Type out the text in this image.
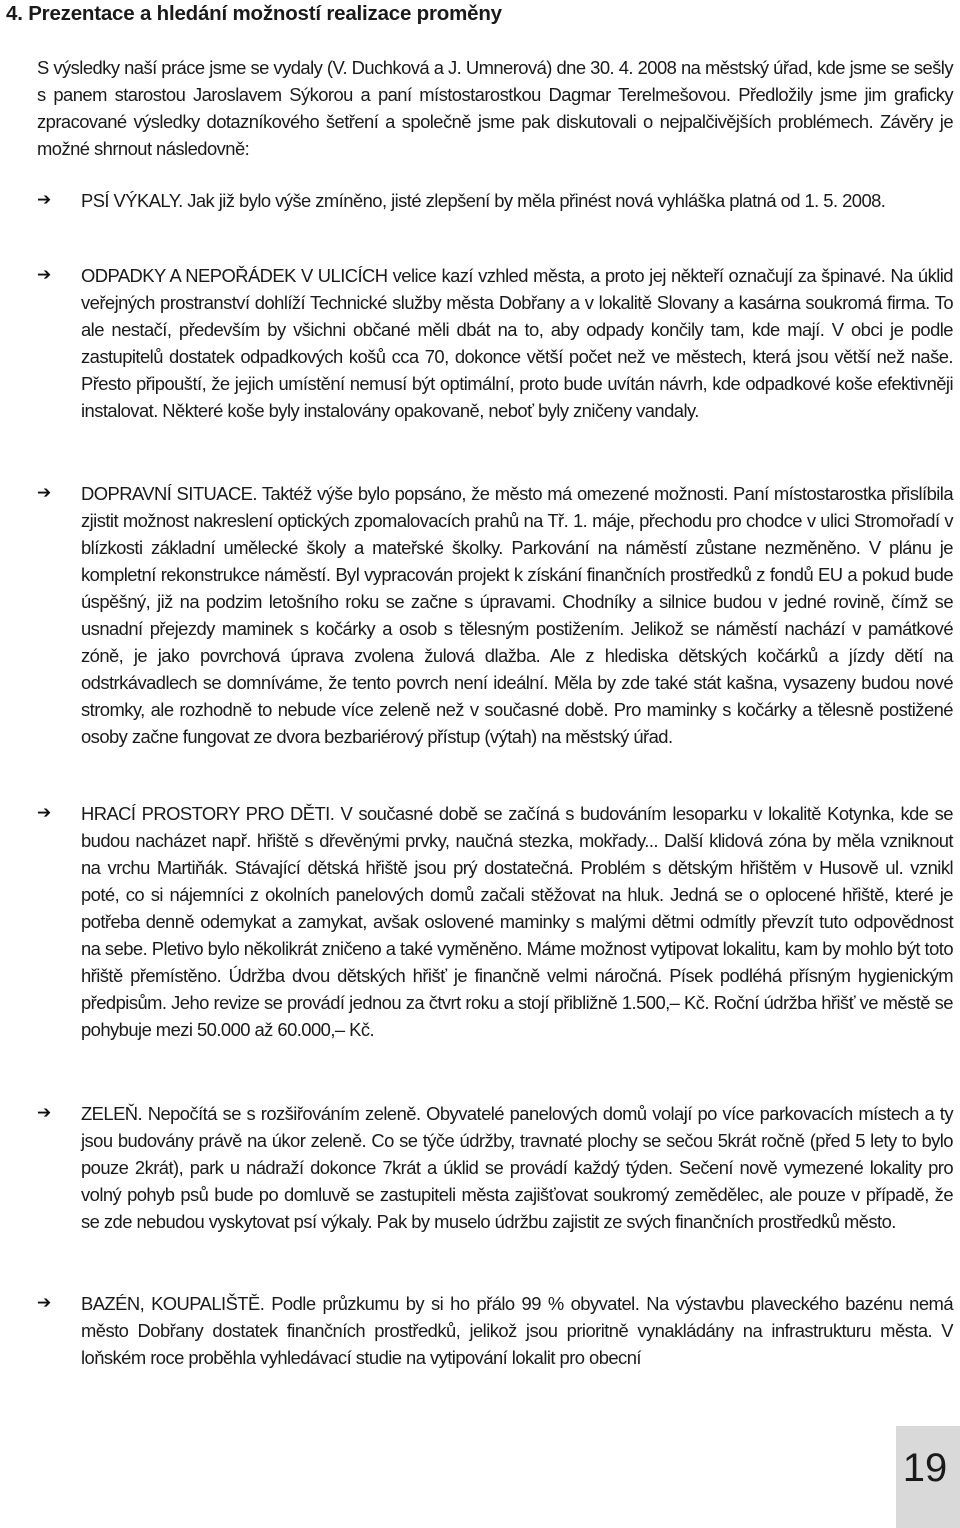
4. Prezentace a hledání možností realizace proměny

S výsledky naší práce jsme se vydaly (V. Duchková a J. Umnerová) dne 30. 4. 2008 na městský úřad, kde jsme se sešly s panem starostou Jaroslavem Sýkorou a paní místostarostkou Dagmar Terelmešovou. Předložily jsme jim graficky zpracované výsledky dotazníkového šetření a společně jsme pak diskutovali o nejpalčivějších problémech. Závěry je možné shrnout následovně:

➔	PSÍ VÝKALY. Jak již bylo výše zmíněno, jisté zlepšení by měla přinést nová vyhláška platná od 1. 5. 2008.

➔	ODPADKY A NEPOŘÁDEK V ULICÍCH velice kazí vzhled města, a proto jej někteří označují za špinavé. Na úklid veřejných prostranství dohlíží Technické služby města Dobřany a v lokalitě Slovany a kasárna soukromá firma. To ale nestačí, především by všichni občané měli dbát na to, aby odpady končily tam, kde mají. V obci je podle zastupitelů dostatek odpadkových košů cca 70, dokonce větší počet než ve městech, která jsou větší než naše. Přesto připouští, že jejich umístění nemusí být optimální, proto bude uvítán návrh, kde odpadkové koše efektivněji instalovat. Některé koše byly instalovány opakovaně, neboť byly zničeny vandaly.

➔	DOPRAVNÍ SITUACE. Taktéž výše bylo popsáno, že město má omezené možnosti. Paní místostarostka přislíbila zjistit možnost nakreslení optických zpomalovacích prahů na Tř. 1. máje, přechodu pro chodce v ulici Stromořadí v blízkosti základní umělecké školy a mateřské školky. Parkování na náměstí zůstane nezměněno. V plánu je kompletní rekonstrukce náměstí. Byl vypracován projekt k získání finančních prostředků z fondů EU a pokud bude úspěšný, již na podzim letošního roku se začne s úpravami. Chodníky a silnice budou v jedné rovině, čímž se usnadní přejezdy maminek s kočárky a osob s tělesným postižením. Jelikož se náměstí nachází v památkové zóně, je jako povrchová úprava zvolena žulová dlažba. Ale z hlediska dětských kočárků a jízdy dětí na odstrkávadlech se domníváme, že tento povrch není ideální. Měla by zde také stát kašna, vysazeny budou nové stromky, ale rozhodně to nebude více zeleně než v současné době. Pro maminky s kočárky a tělesně postižené osoby začne fungovat ze dvora bezbariérový přístup (výtah) na městský úřad.

➔	HRACÍ PROSTORY PRO DĚTI. V současné době se začíná s budováním lesoparku v lokalitě Kotynka, kde se budou nacházet např. hřiště s dřevěnými prvky, naučná stezka, mokřady... Další klidová zóna by měla vzniknout na vrchu Martiňák. Stávající dětská hřiště jsou prý dostatečná. Problém s dětským hřištěm v Husově ul. vznikl poté, co si nájemníci z okolních panelových domů začali stěžovat na hluk. Jedná se o oplocené hřiště, které je potřeba denně odemykat a zamykat, avšak oslovené maminky s malými dětmi odmítly převzít tuto odpovědnost na sebe. Pletivo bylo několikrát zničeno a také vyměněno. Máme možnost vytipovat lokalitu, kam by mohlo být toto hřiště přemístěno. Údržba dvou dětských hřišť je finančně velmi náročná. Písek podléhá přísným hygienickým předpisům. Jeho revize se provádí jednou za čtvrt roku a stojí přibližně 1.500,– Kč. Roční údržba hřišť ve městě se pohybuje mezi 50.000 až 60.000,– Kč.

➔	ZELEŇ. Nepočítá se s rozšiřováním zeleně. Obyvatelé panelových domů volají po více parkovacích místech a ty jsou budovány právě na úkor zeleně. Co se týče údržby, travnaté plochy se sečou 5krát ročně (před 5 lety to bylo pouze 2krát), park u nádraží dokonce 7krát a úklid se provádí každý týden. Sečení nově vymezené lokality pro volný pohyb psů bude po domluvě se zastupiteli města zajišťovat soukromý zemědělec, ale pouze v případě, že se zde nebudou vyskytovat psí výkaly. Pak by muselo údržbu zajistit ze svých finančních prostředků město.

➔	BAZÉN, KOUPALIŠTĚ. Podle průzkumu by si ho přálo 99 % obyvatel. Na výstavbu plaveckého bazénu nemá město Dobřany dostatek finančních prostředků, jelikož jsou prioritně vynakládány na infrastrukturu města. V loňském roce proběhla vyhledávací studie na vytipování lokalit pro obecní

19
